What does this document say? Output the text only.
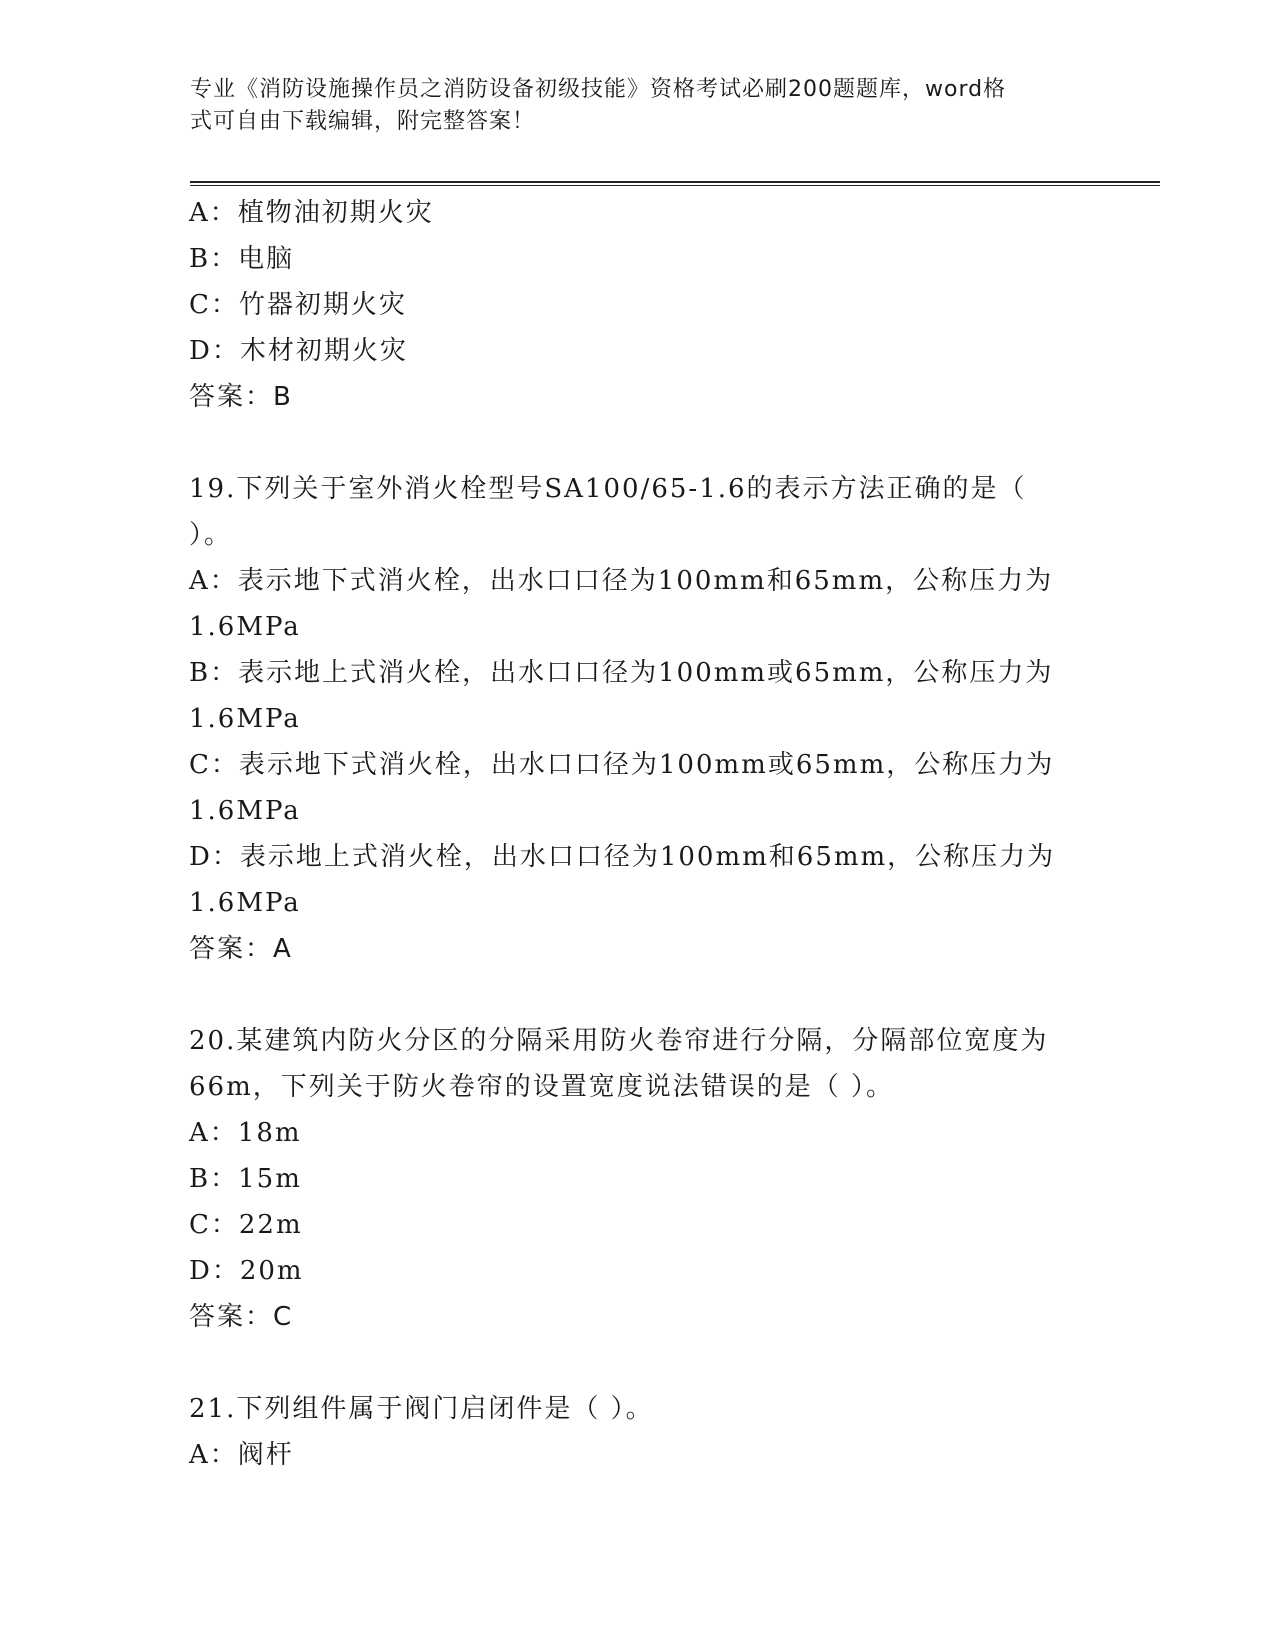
专业《消防设施操作员之消防设备初级技能》资格考试必刷200题题库，word格
式可自由下载编辑，附完整答案！
A：植物油初期火灾
B：电脑
C：竹器初期火灾
D：木材初期火灾
答案：B
19.下列关于室外消火栓型号SA100/65-1.6的表示方法正确的是（
）。
A：表示地下式消火栓，出水口口径为100mm和65mm，公称压力为
1.6MPa
B：表示地上式消火栓，出水口口径为100mm或65mm，公称压力为
1.6MPa
C：表示地下式消火栓，出水口口径为100mm或65mm，公称压力为
1.6MPa
D：表示地上式消火栓，出水口口径为100mm和65mm，公称压力为
1.6MPa
答案：A
20.某建筑内防火分区的分隔采用防火卷帘进行分隔，分隔部位宽度为
66m，下列关于防火卷帘的设置宽度说法错误的是（ ）。
A：18m
B：15m
C：22m
D：20m
答案：C
21.下列组件属于阀门启闭件是（ ）。
A：阀杆
